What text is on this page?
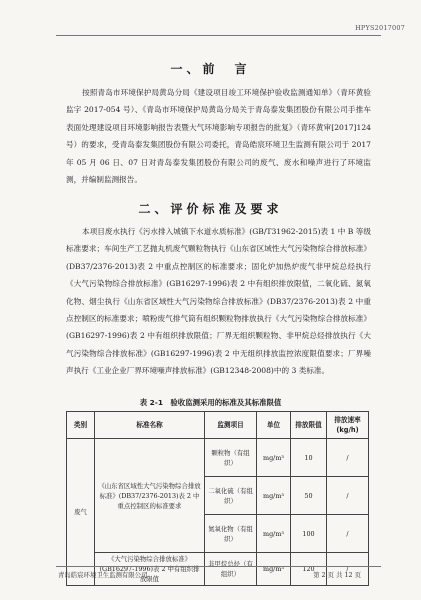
HPYS2017007
一、前　言
按照青岛市环境保护局黄岛分局《建设项目竣工环境保护验收监测通知单》（青环黄验监字 2017-054 号）、《青岛市环境保护局黄岛分局关于青岛泰发集团股份有限公司手推车表面处理建设项目环境影响报告表暨大气环境影响专项报告的批复》（青环黄审[2017]124 号）的要求，受青岛泰发集团股份有限公司委托，青岛皓宸环境卫生监测有限公司于 2017 年 05 月 06 日、07 日对青岛泰发集团股份有限公司的废气、废水和噪声进行了环境监测，并编制监测报告。
二、评价标准及要求
本项目废水执行《污水排入城镇下水道水质标准》(GB/T31962-2015)表 1 中 B 等级标准要求；车间生产工艺抛丸机废气颗粒物执行《山东省区域性大气污染物综合排放标准》(DB37/2376-2013)表 2 中重点控制区的标准要求；固化炉加热炉废气非甲烷总烃执行《大气污染物综合排放标准》(GB16297-1996)表 2 中有组织排放限值，二氧化硫、氮氧化物、烟尘执行《山东省区域性大气污染物综合排放标准》(DB37/2376-2013)表 2 中重点控制区的标准要求；喷粉废气排气筒有组织颗粒物排放执行《大气污染物综合排放标准》(GB16297-1996)表 2 中有组织排放限值；厂界无组织颗粒物、非甲烷总烃排放执行《大气污染物综合排放标准》(GB16297-1996)表 2 中无组织排放监控浓度限值要求；厂界噪声执行《工业企业厂界环境噪声排放标准》(GB12348-2008)中的 3 类标准。
表 2-1　验收监测采用的标准及其标准限值
类别	标准名称	监测项目	单位	排放限值	排放速率(kg/h)
废气	《山东省区域性大气污染物综合排放标准》(DB37/2376-2013)表 2 中重点控制区的标准要求	颗粒物（有组织）	mg/m³	10	/
		二氧化硫（有组织）	mg/m³	50	/
		氮氧化物（有组织）	mg/m³	100	/
	《大气污染物综合排放标准》(GB16297-1996)表 2 中有组织排放限值	非甲烷总烃（有组织）	mg/m³	120	/
青岛皓宸环境卫生监测有限公司	第 2 页 共 12 页
